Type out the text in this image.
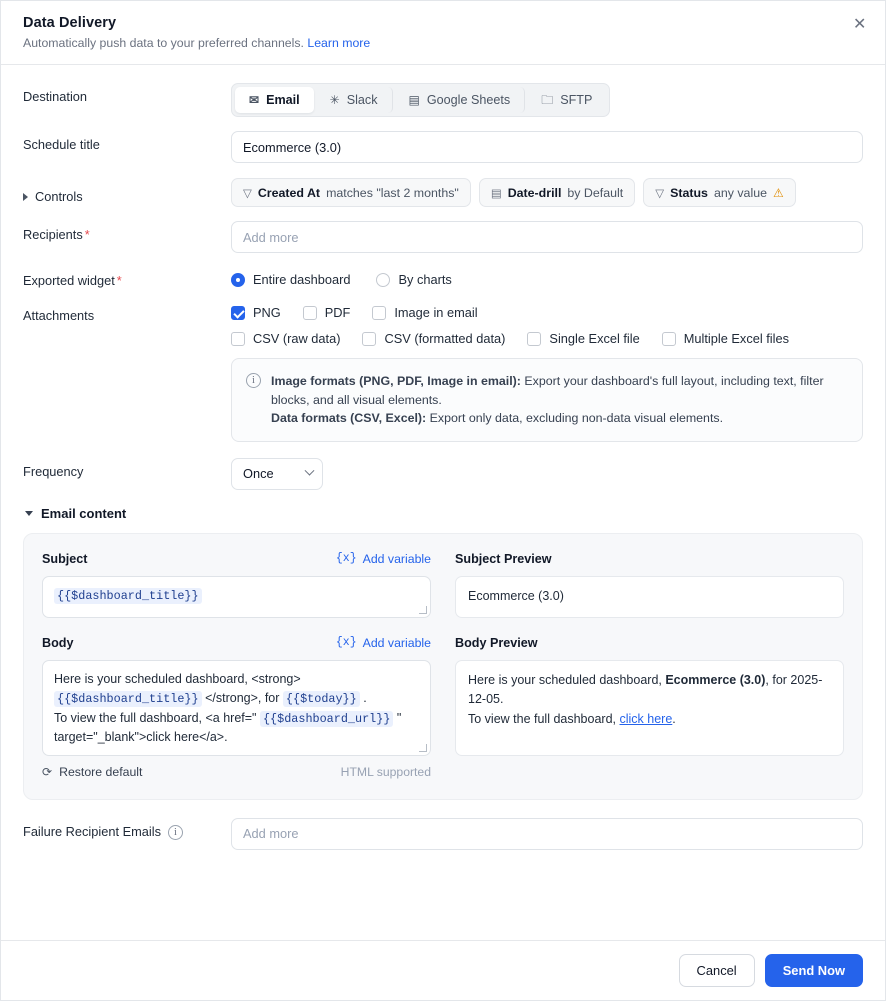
Data Delivery
Automatically push data to your preferred channels. Learn more
✕
Destination	✉ Email	✳ Slack	▤ Google Sheets	🗀 SFTP
Schedule title
Ecommerce (3.0)
Controls	▽ Created At matches "last 2 months"	▤ Date-drill by Default	▽ Status any value ⚠
Recipients *
Add more
Exported widget *	Entire dashboard	By charts
Attachments	PNG	PDF	Image in email
CSV (raw data)	CSV (formatted data)	Single Excel file	Multiple Excel files
i	Image formats (PNG, PDF, Image in email): Export your dashboard's full layout, including text, filter blocks, and all visual elements.
Data formats (CSV, Excel): Export only data, excluding non-data visual elements.
Frequency	Once
Email content
Subject	{x} Add variable
{{$dashboard_title}}
Subject Preview
Ecommerce (3.0)
Body	{x} Add variable
Here is your scheduled dashboard, <strong> {{$dashboard_title}} </strong>, for {{$today}} .
To view the full dashboard, <a href=" {{$dashboard_url}} " target="_blank">click here</a>.
⟳ Restore default	HTML supported
Body Preview
Here is your scheduled dashboard, Ecommerce (3.0), for 2025-12-05.
To view the full dashboard, click here.
Failure Recipient Emails	i
Add more
Cancel	Send Now
